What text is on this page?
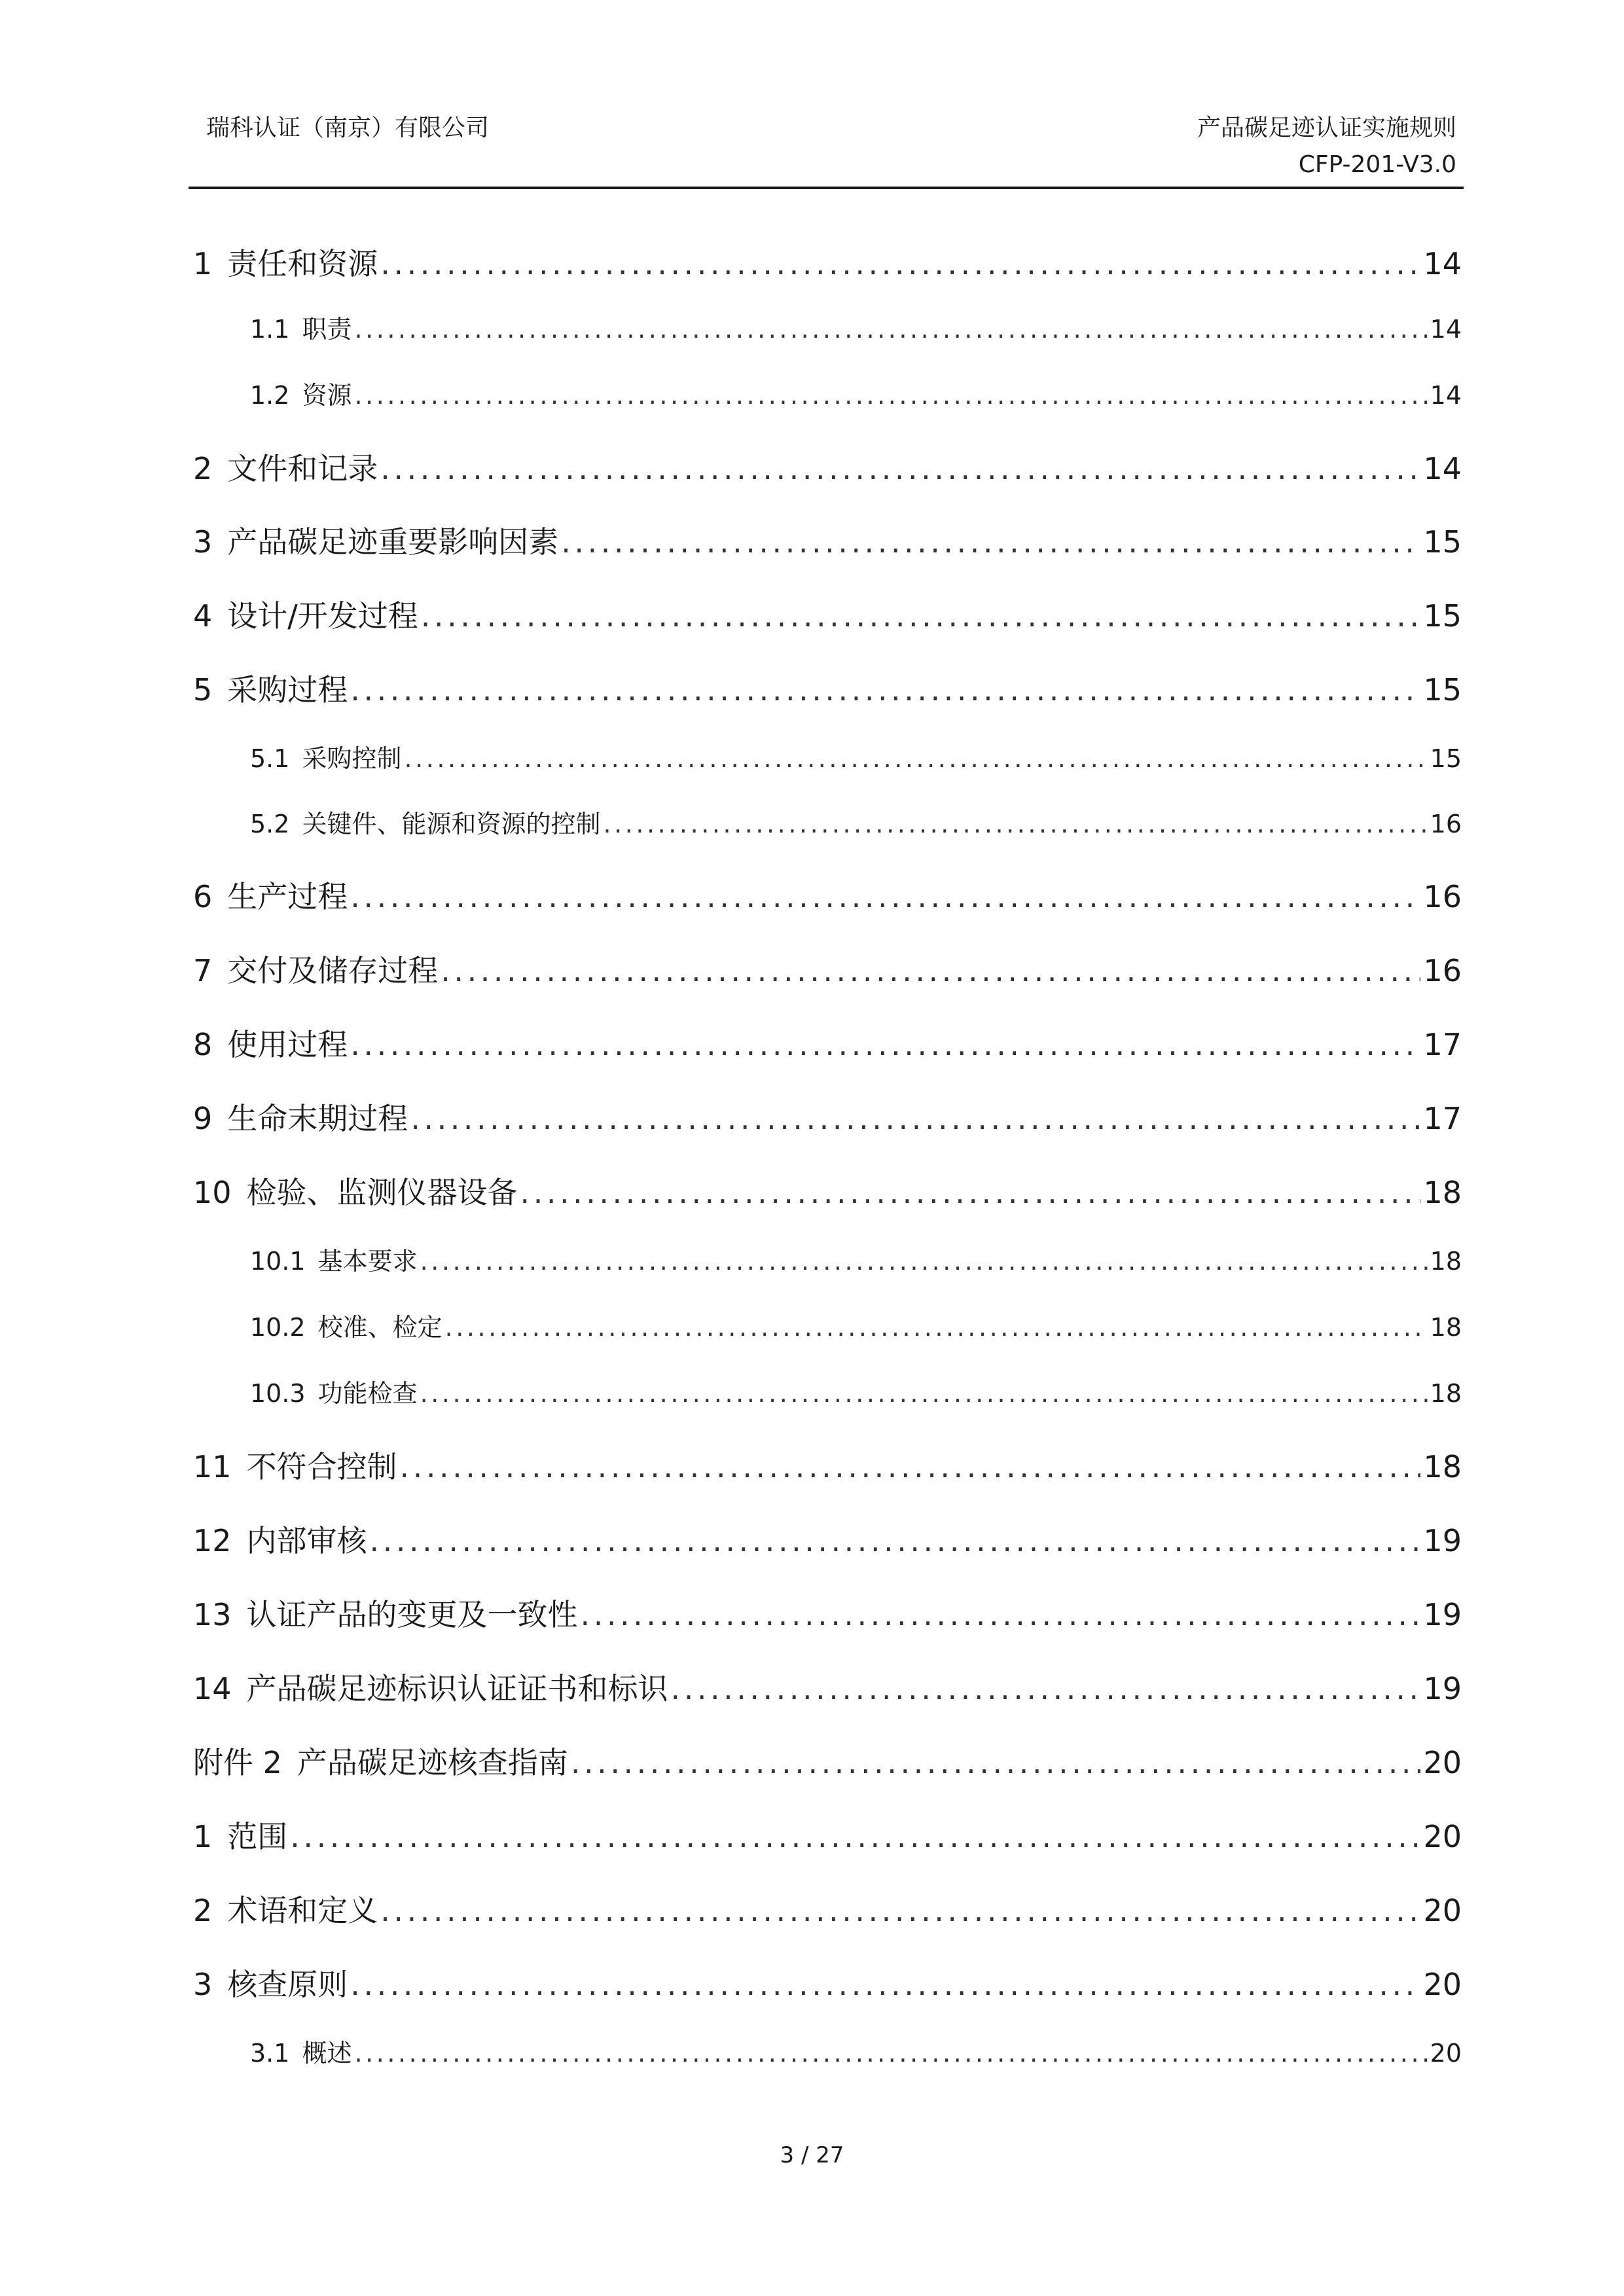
瑞科认证（南京）有限公司	产品碳足迹认证实施规则
CFP-201-V3.0
1 责任和资源 .....	14
1.1 职责 .....	14
1.2 资源 .....	14
2 文件和记录 .....	14
3 产品碳足迹重要影响因素 .....	15
4 设计/开发过程 .....	15
5 采购过程 .....	15
5.1 采购控制 .....	15
5.2 关键件、能源和资源的控制 .....	16
6 生产过程 .....	16
7 交付及储存过程 .....	16
8 使用过程 .....	17
9 生命末期过程 .....	17
10 检验、监测仪器设备 .....	18
10.1 基本要求 .....	18
10.2 校准、检定 .....	18
10.3 功能检查 .....	18
11 不符合控制 .....	18
12 内部审核 .....	19
13 认证产品的变更及一致性 .....	19
14 产品碳足迹标识认证证书和标识 .....	19
附件 2 产品碳足迹核查指南 .....	20
1 范围 .....	20
2 术语和定义 .....	20
3 核查原则 .....	20
3.1 概述 .....	20
3 / 27
